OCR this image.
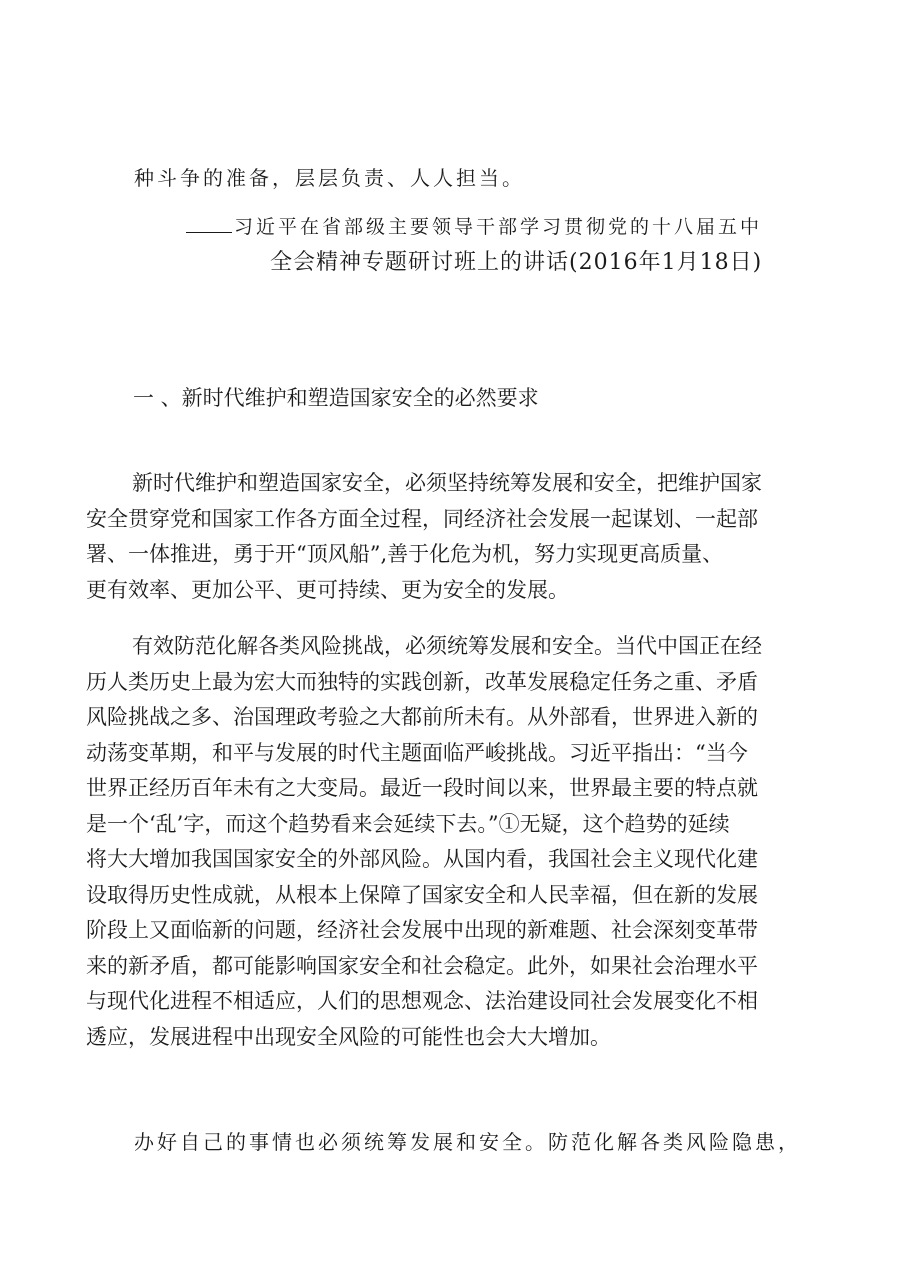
种斗争的准备，层层负责、人人担当。
习近平在省部级主要领导干部学习贯彻党的十八届五中
全会精神专题研讨班上的讲话(2016年1月18日)
一 、新时代维护和塑造国家安全的必然要求
新时代维护和塑造国家安全，必须坚持统筹发展和安全，把维护国家
安全贯穿党和国家工作各方面全过程，同经济社会发展一起谋划、一起部
署、一体推进，勇于开“顶风船”,善于化危为机，努力实现更高质量、
更有效率、更加公平、更可持续、更为安全的发展。
有效防范化解各类风险挑战，必须统筹发展和安全。当代中国正在经
历人类历史上最为宏大而独特的实践创新，改革发展稳定任务之重、矛盾
风险挑战之多、治国理政考验之大都前所未有。从外部看，世界进入新的
动荡变革期，和平与发展的时代主题面临严峻挑战。习近平指出：“当今
世界正经历百年未有之大变局。最近一段时间以来，世界最主要的特点就
是一个‘乱’字，而这个趋势看来会延续下去。”①无疑，这个趋势的延续
将大大增加我国国家安全的外部风险。从国内看，我国社会主义现代化建
设取得历史性成就，从根本上保障了国家安全和人民幸福，但在新的发展
阶段上又面临新的问题，经济社会发展中出现的新难题、社会深刻变革带
来的新矛盾，都可能影响国家安全和社会稳定。此外，如果社会治理水平
与现代化进程不相适应，人们的思想观念、法治建设同社会发展变化不相
透应，发展进程中出现安全风险的可能性也会大大增加。
办好自己的事情也必须统筹发展和安全。防范化解各类风险隐患，
